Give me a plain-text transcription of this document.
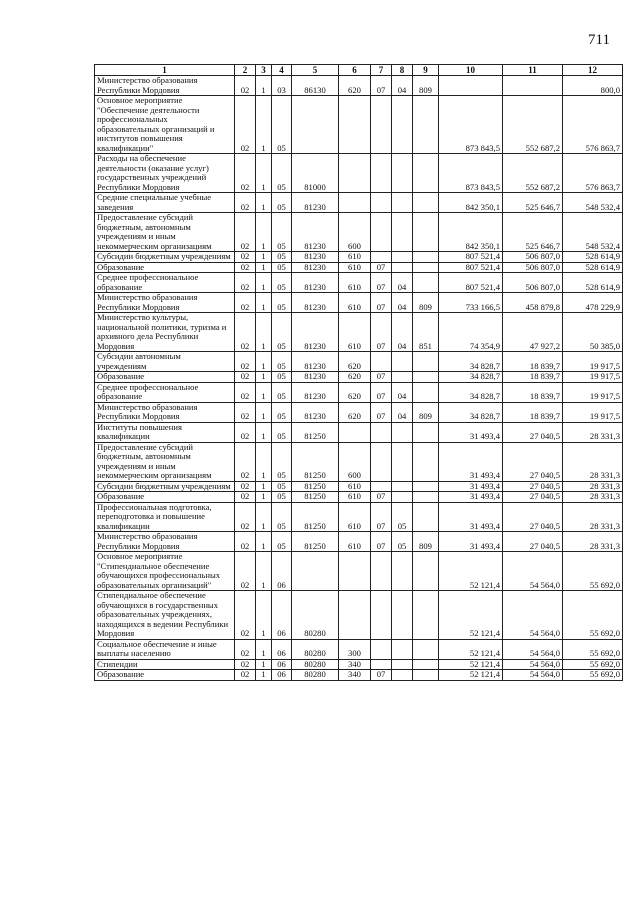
711
1	2	3	4	5	6	7	8	9	10	11	12
Министерство образования Республики Мордовия	02	1	03	86130	620	07	04	809			800,0
Основное мероприятие "Обеспечение деятельности профессиональных образовательных организаций и институтов повышения квалификации"	02	1	05						873 843,5	552 687,2	576 863,7
Расходы на обеспечение деятельности (оказание услуг) государственных учреждений Республики Мордовия	02	1	05	81000					873 843,5	552 687,2	576 863,7
Средние специальные учебные заведения	02	1	05	81230					842 350,1	525 646,7	548 532,4
Предоставление субсидий бюджетным, автономным учреждениям и иным некоммерческим организациям	02	1	05	81230	600				842 350,1	525 646,7	548 532,4
Субсидии бюджетным учреждениям	02	1	05	81230	610				807 521,4	506 807,0	528 614,9
Образование	02	1	05	81230	610	07			807 521,4	506 807,0	528 614,9
Среднее профессиональное образование	02	1	05	81230	610	07	04		807 521,4	506 807,0	528 614,9
Министерство образования Республики Мордовия	02	1	05	81230	610	07	04	809	733 166,5	458 879,8	478 229,9
Министерство культуры, национальной политики, туризма и архивного дела Республики Мордовия	02	1	05	81230	610	07	04	851	74 354,9	47 927,2	50 385,0
Субсидии автономным учреждениям	02	1	05	81230	620				34 828,7	18 839,7	19 917,5
Образование	02	1	05	81230	620	07			34 828,7	18 839,7	19 917,5
Среднее профессиональное образование	02	1	05	81230	620	07	04		34 828,7	18 839,7	19 917,5
Министерство образования Республики Мордовия	02	1	05	81230	620	07	04	809	34 828,7	18 839,7	19 917,5
Институты повышения квалификации	02	1	05	81250					31 493,4	27 040,5	28 331,3
Предоставление субсидий бюджетным, автономным учреждениям и иным некоммерческим организациям	02	1	05	81250	600				31 493,4	27 040,5	28 331,3
Субсидии бюджетным учреждениям	02	1	05	81250	610				31 493,4	27 040,5	28 331,3
Образование	02	1	05	81250	610	07			31 493,4	27 040,5	28 331,3
Профессиональная подготовка, переподготовка и повышение квалификации	02	1	05	81250	610	07	05		31 493,4	27 040,5	28 331,3
Министерство образования Республики Мордовия	02	1	05	81250	610	07	05	809	31 493,4	27 040,5	28 331,3
Основное мероприятие "Стипендиальное обеспечение обучающихся профессиональных образовательных организаций"	02	1	06						52 121,4	54 564,0	55 692,0
Стипендиальное обеспечение обучающихся в государственных образовательных учреждениях, находящихся в ведении Республики Мордовия	02	1	06	80280					52 121,4	54 564,0	55 692,0
Социальное обеспечение и иные выплаты населению	02	1	06	80280	300				52 121,4	54 564,0	55 692,0
Стипендии	02	1	06	80280	340				52 121,4	54 564,0	55 692,0
Образование	02	1	06	80280	340	07			52 121,4	54 564,0	55 692,0
